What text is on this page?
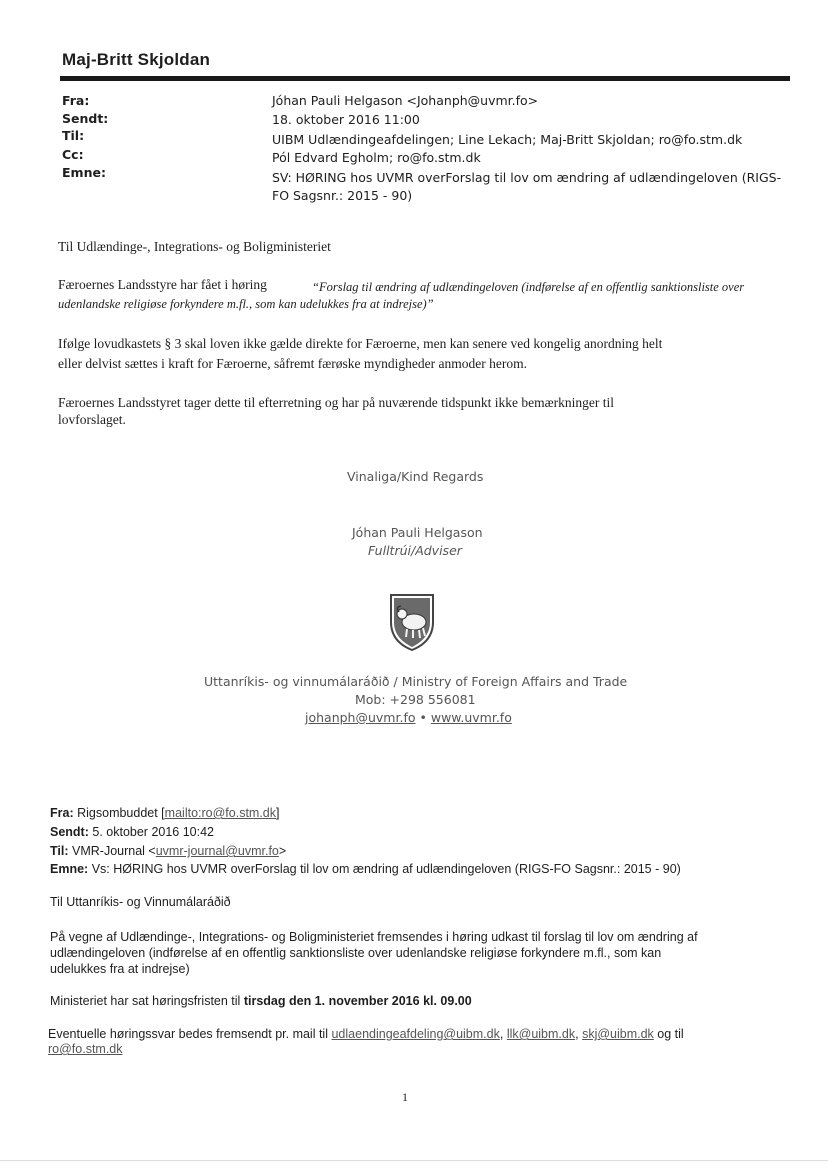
Maj-Britt Skjoldan
Fra:	Jóhan Pauli Helgason <Johanph@uvmr.fo>
Sendt:	18. oktober 2016 11:00
Til:	UIBM Udlændingeafdelingen; Line Lekach; Maj-Britt Skjoldan; ro@fo.stm.dk
Cc:	Pól Edvard Egholm; ro@fo.stm.dk
Emne:	SV: HØRING hos UVMR overForslag til lov om ændring af udlændingeloven (RIGS-
FO Sagsnr.: 2015 - 90)
Til Udlændinge-, Integrations- og Boligministeriet
Færoernes Landsstyre har fået i høring	“Forslag til ændring af udlændingeloven (indførelse af en offentlig sanktionsliste over
udenlandske religiøse forkyndere m.fl., som kan udelukkes fra at indrejse)”
Ifølge lovudkastets § 3 skal loven ikke gælde direkte for Færoerne, men kan senere ved kongelig anordning helt
eller delvist sættes i kraft for Færoerne, såfremt færøske myndigheder anmoder herom.
Færoernes Landsstyret tager dette til efterretning og har på nuværende tidspunkt ikke bemærkninger til
lovforslaget.
Vinaliga/Kind Regards
Jóhan Pauli Helgason
Fulltrúi/Adviser
Uttanríkis- og vinnumálaráðið / Ministry of Foreign Affairs and Trade
Mob: +298 556081
johanph@uvmr.fo • www.uvmr.fo
Fra: Rigsombuddet [mailto:ro@fo.stm.dk]
Sendt: 5. oktober 2016 10:42
Til: VMR-Journal <uvmr-journal@uvmr.fo>
Emne: Vs: HØRING hos UVMR overForslag til lov om ændring af udlændingeloven (RIGS-FO Sagsnr.: 2015 - 90)
Til Uttanríkis- og Vinnumálaráðið
På vegne af Udlændinge-, Integrations- og Boligministeriet fremsendes i høring udkast til forslag til lov om ændring af
udlændingeloven (indførelse af en offentlig sanktionsliste over udenlandske religiøse forkyndere m.fl., som kan
udelukkes fra at indrejse)
Ministeriet har sat høringsfristen til tirsdag den 1. november 2016 kl. 09.00
Eventuelle høringssvar bedes fremsendt pr. mail til udlaendingeafdeling@uibm.dk, llk@uibm.dk, skj@uibm.dk og til
ro@fo.stm.dk
1
